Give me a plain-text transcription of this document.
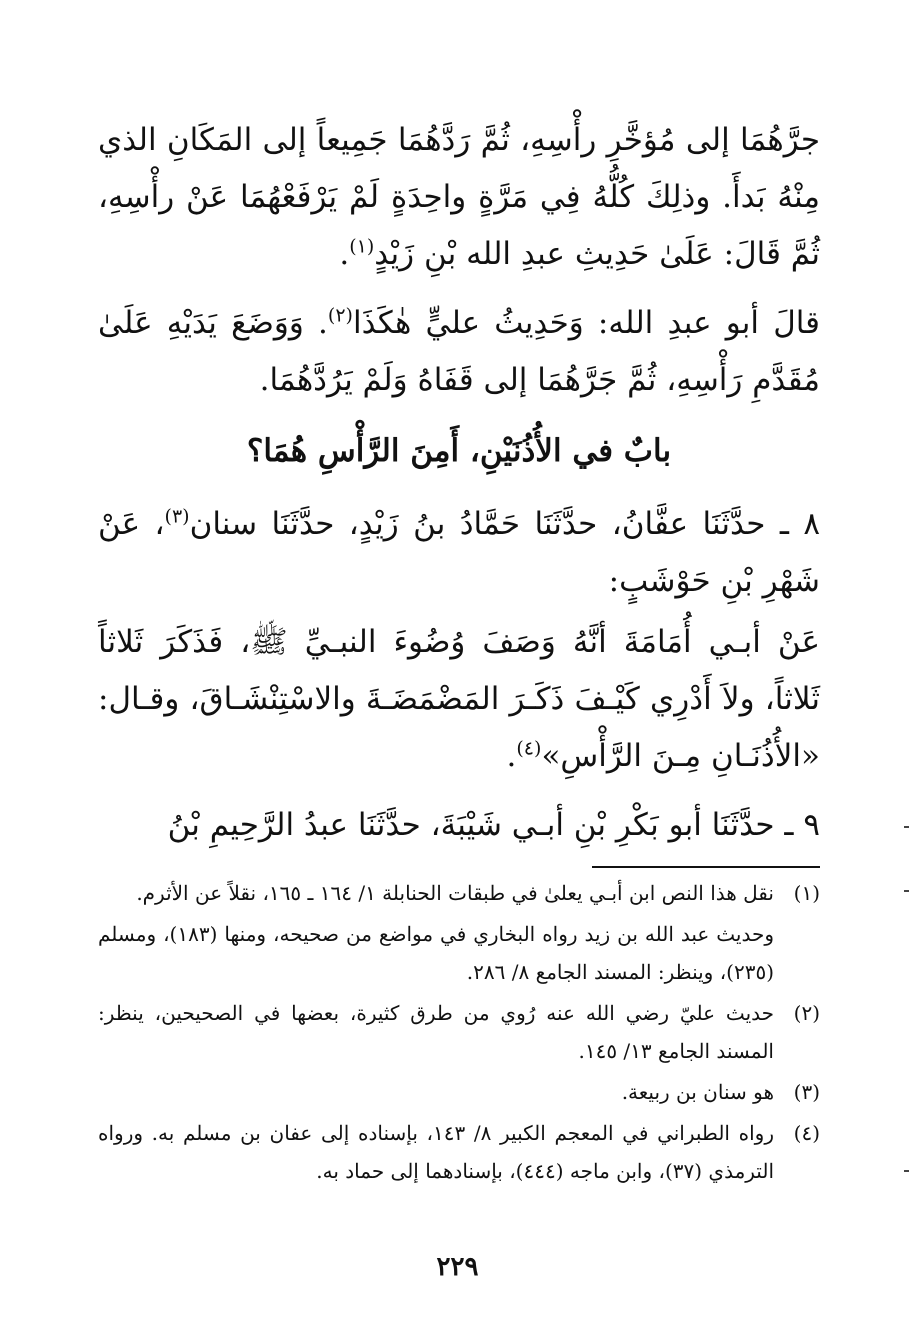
جرَّهُمَا إلى مُؤخَّرِ رأْسِهِ، ثُمَّ رَدَّهُمَا جَمِيعاً إلى المَكَانِ الذي مِنْهُ بَدأَ. وذلِكَ كُلُّهُ فِي مَرَّةٍ واحِدَةٍ لَمْ يَرْفَعْهُمَا عَنْ رأْسِهِ، ثُمَّ قَالَ: عَلَىٰ حَدِيثِ عبدِ الله بْنِ زَيْدٍ$^{(١)}$.

قالَ أبو عبدِ الله: وَحَدِيثُ عليٍّ هٰكَذَا$^{(٢)}$. وَوَضَعَ يَدَيْهِ عَلَىٰ مُقَدَّمِ رَأْسِهِ، ثُمَّ جَرَّهُمَا إلى قَفَاهُ وَلَمْ يَرُدَّهُمَا.

بابٌ في الأُذُنَيْنِ، أَمِنَ الرَّأْسِ هُمَا؟

٨ ـ حدَّثَنَا عفَّانُ، حدَّثَنَا حَمَّادُ بنُ زَيْدٍ، حدَّثَنَا سنان$^{(٣)}$، عَنْ شَهْرِ بْنِ حَوْشَبٍ:

عَنْ أبـي أُمَامَةَ أنَّهُ وَصَفَ وُضُوءَ النبـيِّ ﷺ، فَذَكَرَ ثَلاثاً ثَلاثاً، ولاَ أَدْرِي كَيْـفَ ذَكَـرَ المَضْمَضَـةَ والاسْتِنْشَـاقَ، وقـال: «الأُذُنَـانِ مِـنَ الرَّأْسِ»$^{(٤)}$.

٩ ـ حدَّثَنَا أبو بَكْرِ بْنِ أبـي شَيْبَةَ، حدَّثَنَا عبدُ الرَّحِيمِ بْنُ

(١)
نقل هذا النص ابن أبـي يعلىٰ في طبقات الحنابلة ١/ ١٦٤ ـ ١٦٥، نقلاً عن الأثرم.
وحديث عبد الله بن زيد رواه البخاري في مواضع من صحيحه، ومنها (١٨٣)، ومسلم (٢٣٥)، وينظر: المسند الجامع ٨/ ٢٨٦.
(٢)
حديث عليّ رضي الله عنه رُوي من طرق كثيرة، بعضها في الصحيحين، ينظر: المسند الجامع ١٣/ ١٤٥.
(٣)
هو سنان بن ربيعة.
(٤)
رواه الطبراني في المعجم الكبير ٨/ ١٤٣، بإسناده إلى عفان بن مسلم به. ورواه الترمذي (٣٧)، وابن ماجه (٤٤٤)، بإسنادهما إلى حماد به.
٢٢٩
